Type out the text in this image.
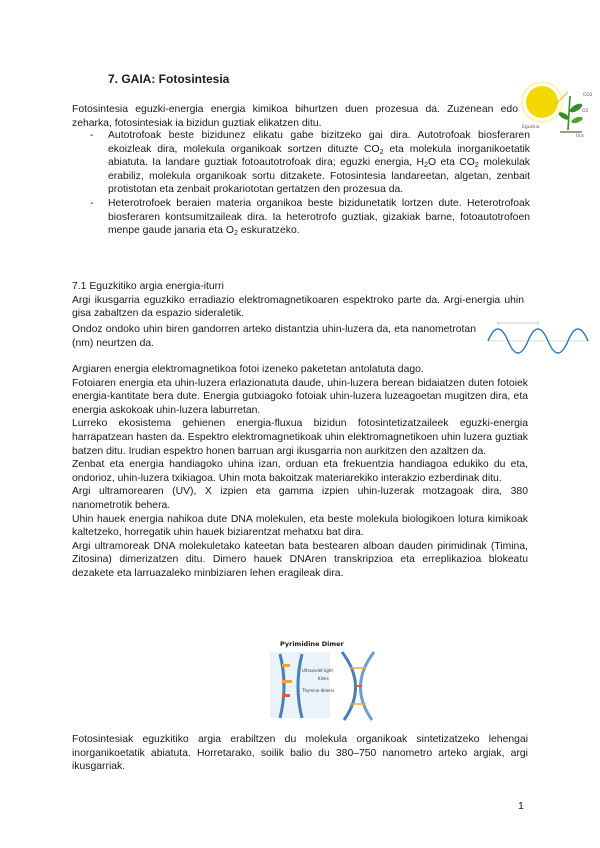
7. GAIA: Fotosintesia
CO2
O2
Ura
Eguzkia
Fotosintesia eguzki-energia energia kimikoa bihurtzen duen prozesua da. Zuzenean edo zeharka, fotosintesiak ia bizidun guztiak elikatzen ditu.
-	Autotrofoak beste bizidunez elikatu gabe bizitzeko gai dira. Autotrofoak biosferaren ekoizleak dira, molekula organikoak sortzen dituzte $CO_2$ eta molekula inorganikoetatik abiatuta. Ia landare guztiak fotoautotrofoak dira; eguzki energia, $H_2O$ eta $CO_2$ molekulak erabiliz, molekula organikoak sortu ditzakete. Fotosintesia landareetan, algetan, zenbait protistotan eta zenbait prokariototan gertatzen den prozesua da.
-	Heterotrofoek beraien materia organikoa beste bizidunetatik lortzen dute. Heterotrofoak biosferaren kontsumitzaileak dira. Ia heterotrofo guztiak, gizakiak barne, fotoautotrofoen menpe gaude janaria eta $O_2$ eskuratzeko.
7.1 Eguzkitiko argia energia-iturri
Argi ikusgarria eguzkiko erradiazio elektromagnetikoaren espektroko parte da. Argi-energia uhin gisa zabaltzen da espazio sideraletik.
Ondoz ondoko uhin biren gandorren arteko distantzia uhin-luzera da, eta nanometrotan (nm) neurtzen da.
Argiaren energia elektromagnetikoa fotoi izeneko paketetan antolatuta dago.
Fotoiaren energia eta uhin-luzera erlazionatuta daude, uhin-luzera berean bidaiatzen duten fotoiek energia-kantitate bera dute. Energia gutxiagoko fotoiak uhin-luzera luzeagoetan mugitzen dira, eta energia askokoak uhin-luzera laburretan.
Lurreko ekosistema gehienen energia-fluxua bizidun fotosintetizatzaileek eguzki-energia harrapatzean hasten da. Espektro elektromagnetikoak uhin elektromagnetikoen uhin luzera guztiak batzen ditu. Irudian espektro honen barruan argi ikusgarria non aurkitzen den azaltzen da.
Zenbat eta energia handiagoko uhina izan, orduan eta frekuentzia handiagoa edukiko du eta, ondorioz, uhin-luzera txikiagoa. Uhin mota bakoitzak materiarekiko interakzio ezberdinak ditu.
Argi ultramorearen (UV), X izpien eta gamma izpien uhin-luzerak motzagoak dira, 380 nanometrotik behera.
Uhin hauek energia nahikoa dute DNA molekulen, eta beste molekula biologikoen lotura kimikoak kaltetzeko, horregatik uhin hauek biziarentzat mehatxu bat dira.
Argi ultramoreak DNA molekuletako kateetan bata bestearen alboan dauden pirimidinak (Timina, Zitosina) dimerizatzen ditu. Dimero hauek DNAren transkripzioa eta erreplikazioa blokeatu dezakete eta larruazaleko minbiziaren lehen eragileak dira.
Pyrimidine Dimer
Ultraviolet light
Thymine dimers
Kinks
Fotosintesiak eguzkitiko argia erabiltzen du molekula organikoak sintetizatzeko lehengai inorganikoetatik abiatuta. Horretarako, soilik balio du 380–750 nanometro arteko argiak, argi ikusgarriak.
1
